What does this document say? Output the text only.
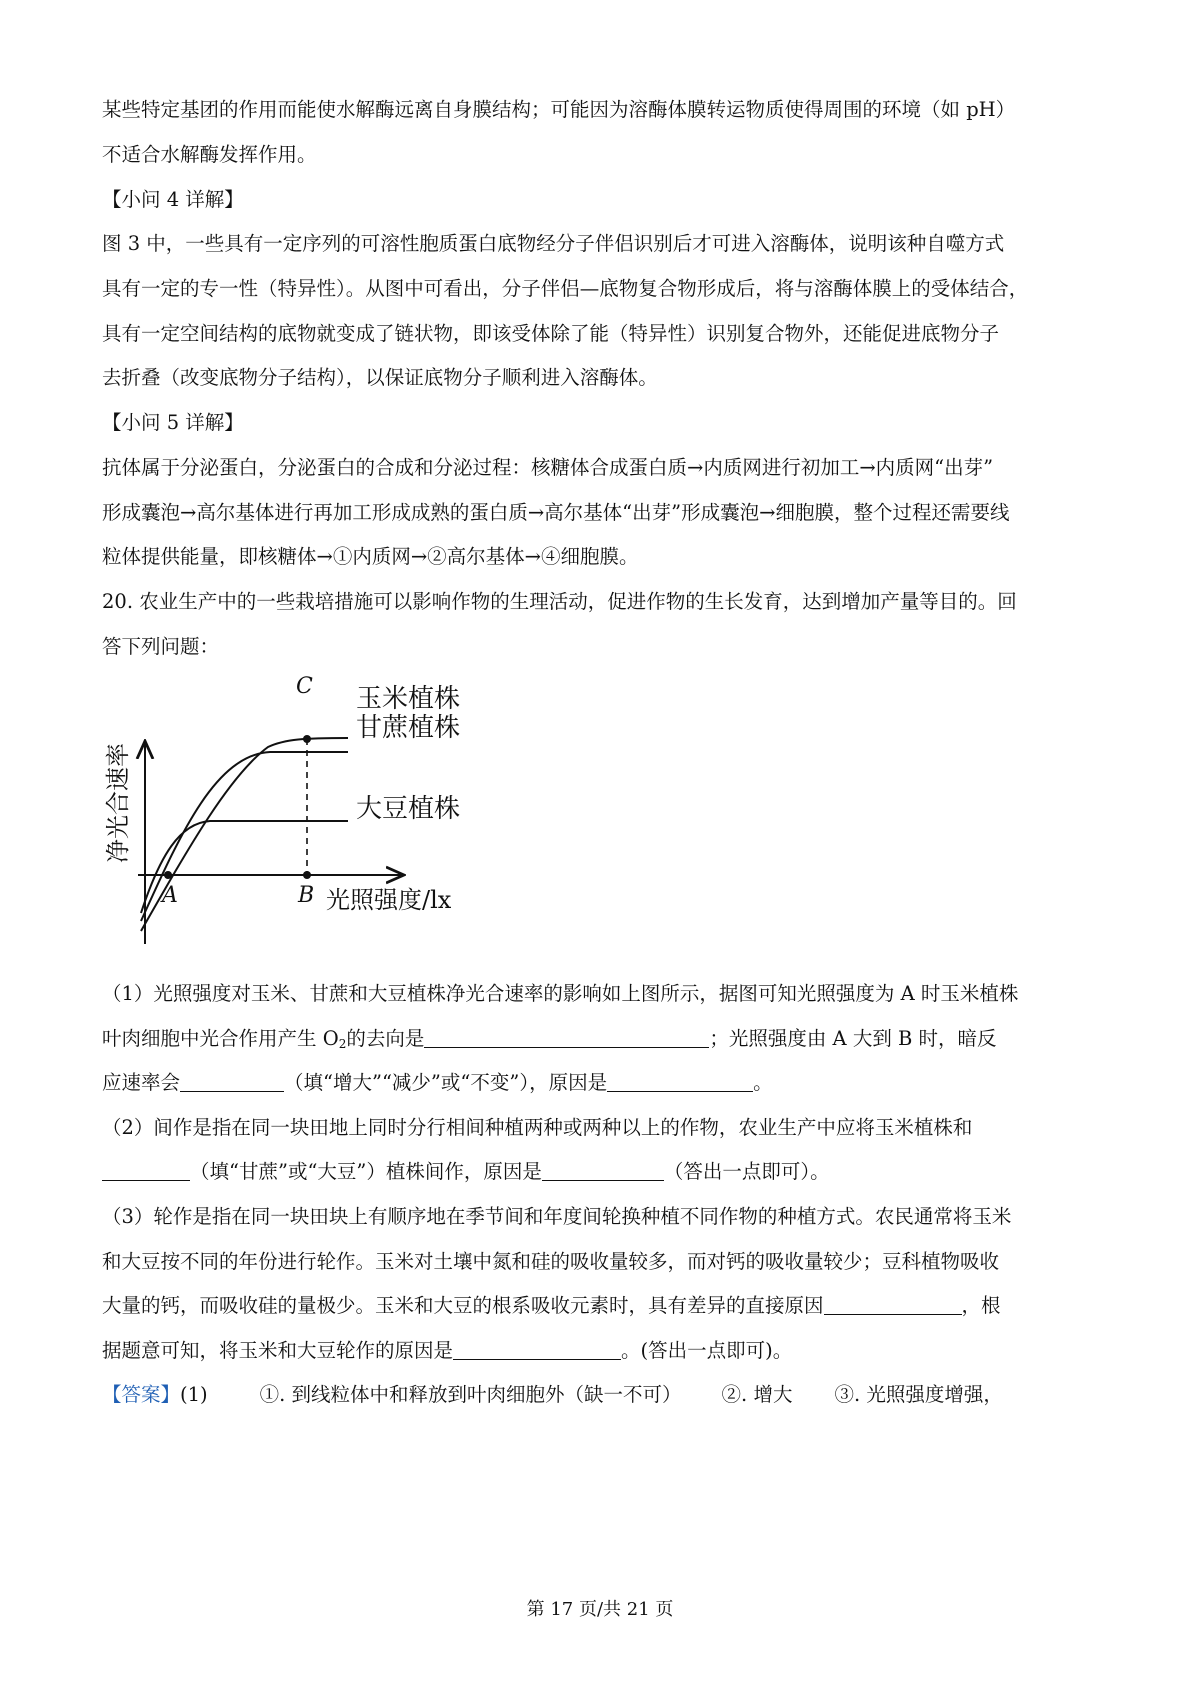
某些特定基团的作用而能使水解酶远离自身膜结构；可能因为溶酶体膜转运物质使得周围的环境（如 pH）
不适合水解酶发挥作用。
【小问 4 详解】
图 3 中，一些具有一定序列的可溶性胞质蛋白底物经分子伴侣识别后才可进入溶酶体，说明该种自噬方式
具有一定的专一性（特异性）。从图中可看出，分子伴侣—底物复合物形成后，将与溶酶体膜上的受体结合，
具有一定空间结构的底物就变成了链状物，即该受体除了能（特异性）识别复合物外，还能促进底物分子
去折叠（改变底物分子结构），以保证底物分子顺利进入溶酶体。
【小问 5 详解】
抗体属于分泌蛋白，分泌蛋白的合成和分泌过程：核糖体合成蛋白质→内质网进行初加工→内质网“出芽”
形成囊泡→高尔基体进行再加工形成成熟的蛋白质→高尔基体“出芽”形成囊泡→细胞膜，整个过程还需要线
粒体提供能量，即核糖体→①内质网→②高尔基体→④细胞膜。
20. 农业生产中的一些栽培措施可以影响作物的生理活动，促进作物的生长发育，达到增加产量等目的。回
答下列问题：
A	B
C 玉米植株
甘蔗植株
大豆植株
光照强度/lx
净光合速率
（1）光照强度对玉米、甘蔗和大豆植株净光合速率的影响如上图所示，据图可知光照强度为 A 时玉米植株
叶肉细胞中光合作用产生 $O_2$的去向是	；光照强度由 A 大到 B 时，暗反
应速率会	（填“增大”“减少”或“不变”），原因是	。
（2）间作是指在同一块田地上同时分行相间种植两种或两种以上的作物，农业生产中应将玉米植株和
（填“甘蔗”或“大豆”）植株间作，原因是	（答出一点即可）。
（3）轮作是指在同一块田块上有顺序地在季节间和年度间轮换种植不同作物的种植方式。农民通常将玉米
和大豆按不同的年份进行轮作。玉米对土壤中氮和硅的吸收量较多，而对钙的吸收量较少；豆科植物吸收
大量的钙，而吸收硅的量极少。玉米和大豆的根系吸收元素时，具有差异的直接原因	，根
据题意可知，将玉米和大豆轮作的原因是	。(答出一点即可)。
【答案】(1)	①. 到线粒体中和释放到叶肉细胞外（缺一不可） ②. 增大 ③. 光照强度增强，
第 17 页/共 21 页
